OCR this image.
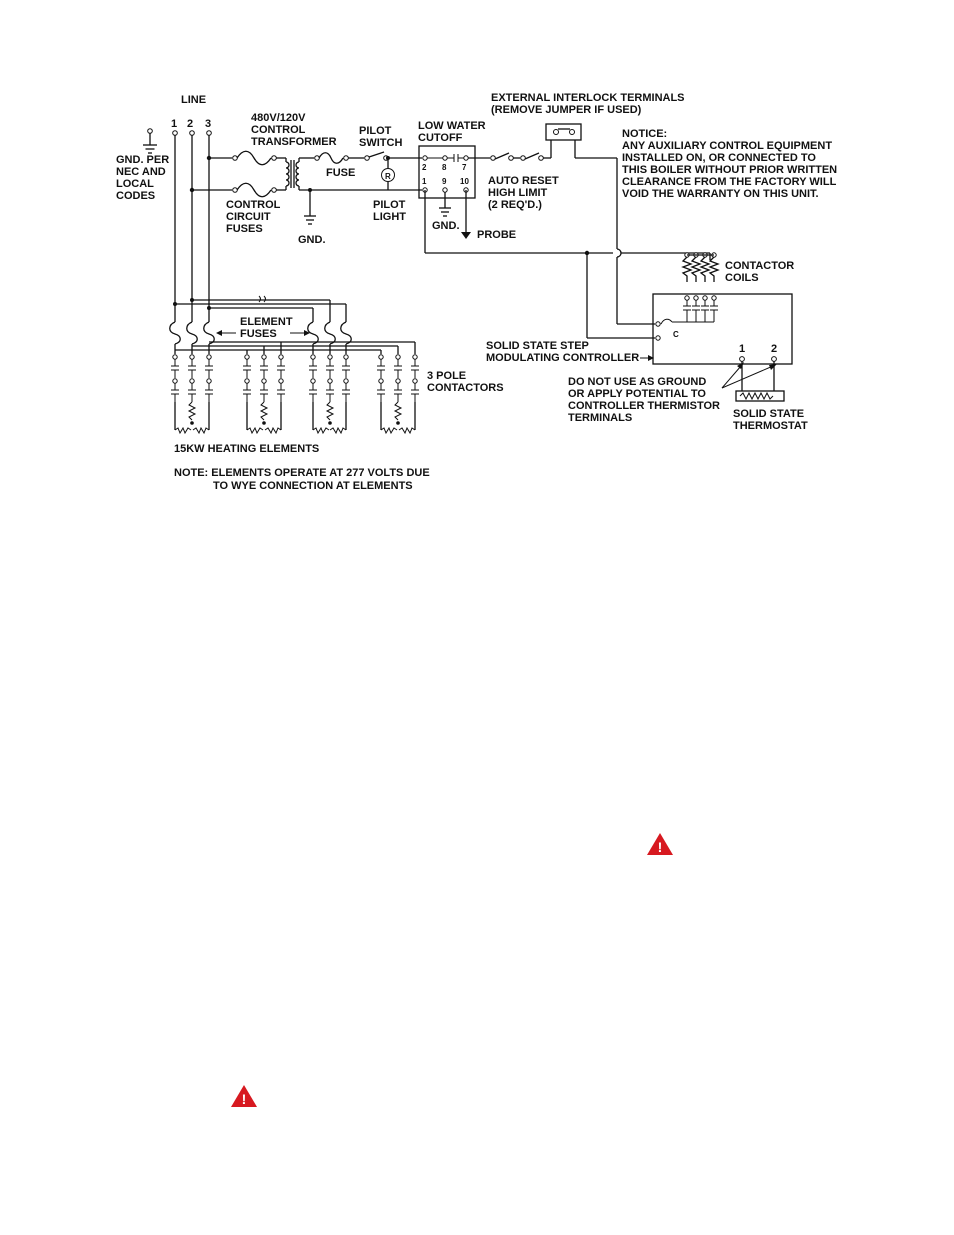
LINE
1 2 3
GND. PER NEC AND LOCAL CODES
480V/120V CONTROL TRANSFORMER
CONTROL CIRCUIT FUSES
R
FUSE
PILOT SWITCH
GND.
PILOT LIGHT
2 8 7 1 9 10
LOW WATER CUTOFF
GND.
PROBE
EXTERNAL INTERLOCK TERMINALS (REMOVE JUMPER IF USED)
AUTO RESET HIGH LIMIT (2 REQ'D.)
NOTICE: ANY AUXILIARY CONTROL EQUIPMENT INSTALLED ON, OR CONNECTED TO THIS BOILER WITHOUT PRIOR WRITTEN CLEARANCE FROM THE FACTORY WILL VOID THE WARRANTY ON THIS UNIT.
CONTACTOR COILS
C
1 2
SOLID STATE STEP MODULATING CONTROLLER
DO NOT USE AS GROUND OR APPLY POTENTIAL TO CONTROLLER THERMISTOR TERMINALS	SOLID STATE THERMOSTAT
ELEMENT FUSES
3 POLE CONTACTORS
15KW HEATING ELEMENTS
NOTE: ELEMENTS OPERATE AT 277 VOLTS DUE TO WYE CONNECTION AT ELEMENTS
!
!
